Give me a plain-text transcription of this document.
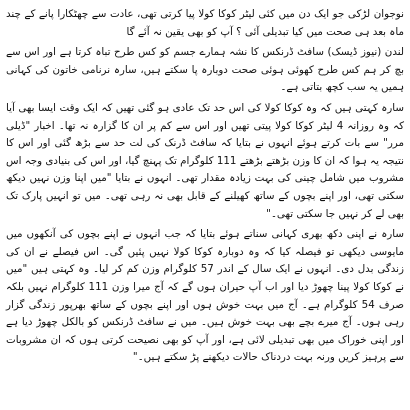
نوجوان لڑکی جو ایک دن میں کئی لیٹر کوکا کولا پیا کرتی تھی، عادت سے چھٹکارا پانے کے چند ماہ بعد ہی صحت میں کیا تبدیلی آئی ؟ آپ کو بھی یقین نہ آئے گا

لندن (نیوز ڈیسک) سافٹ ڈرنکس کا نشہ ہمارے جسم کو کس طرح تباہ کرتا ہے اور اس سے بچ کر ہم کس طرح کھوئی ہوئی صحت دوبارہ پا سکتے ہیں، سارہ نرنامی خاتون کی کہانی ہمیں یہ سب کچھ بتاتی ہے۔

سارہ کہتی ہیں کہ وہ کوکا کولا کی اس حد تک عادی ہو گئی تھیں کہ ایک وقت ایسا بھی آیا کہ وہ روزانہ 4 لیٹر کوکا کولا پیتی تھیں اور اس سے کم پر ان کا گزارہ نہ تھا۔ اخبار "ڈیلی مرر" سے بات کرتے ہوئے انہوں نے بتایا کہ سافٹ ڈرنک کی لت حد سے بڑھ گئی اور اس کا نتیجہ یہ ہوا کہ ان کا وزن بڑھتے بڑھتے 111 کلوگرام تک پہنچ گیا، اور اس کی بنیادی وجہ اس مشروب میں شامل چینی کی بہت زیادہ مقدار تھی۔ انہوں نے بتایا "میں اپنا وزن نہیں دیکھ سکتی تھی، اور اپنے بچوں کے ساتھ کھیلنے کے قابل بھی نہ رہی تھی۔ میں تو انہیں پارک تک بھی لے کر نہیں جا سکتی تھی۔"

سارہ نے اپنی دکھ بھری کہانی سناتے ہوئے بتایا کہ جب انہوں نے اپنے بچوں کی آنکھوں میں مایوسی دیکھی تو فیصلہ کیا کہ وہ دوبارہ کوکا کولا نہیں پئیں گی۔ اس فیصلے نے ان کی زندگی بدل دی۔ انہوں نے ایک سال کے اندر 57 کلوگرام وزن کم کر لیا۔ وہ کہتی ہیں "میں نے کوکا کولا پینا چھوڑ دیا اور اب آپ حیران ہوں گے کہ آج میرا وزن 111 کلوگرام نہیں بلکہ صرف 54 کلوگرام ہے۔ آج میں بہت خوش ہوں اور اپنے بچوں کے ساتھ بھرپور زندگی گزار رہی ہوں۔ آج میرے بچے بھی بہت خوش ہیں۔ میں نے سافٹ ڈرنکس کو بالکل چھوڑ دیا ہے اور اپنی خوراک میں بھی تبدیلی لائی ہے، اور آپ کو بھی نصیحت کرتی ہوں کہ ان مشروبات سے پرہیز کریں ورنہ بہت دردناک حالات دیکھنے پڑ سکتے ہیں۔"
